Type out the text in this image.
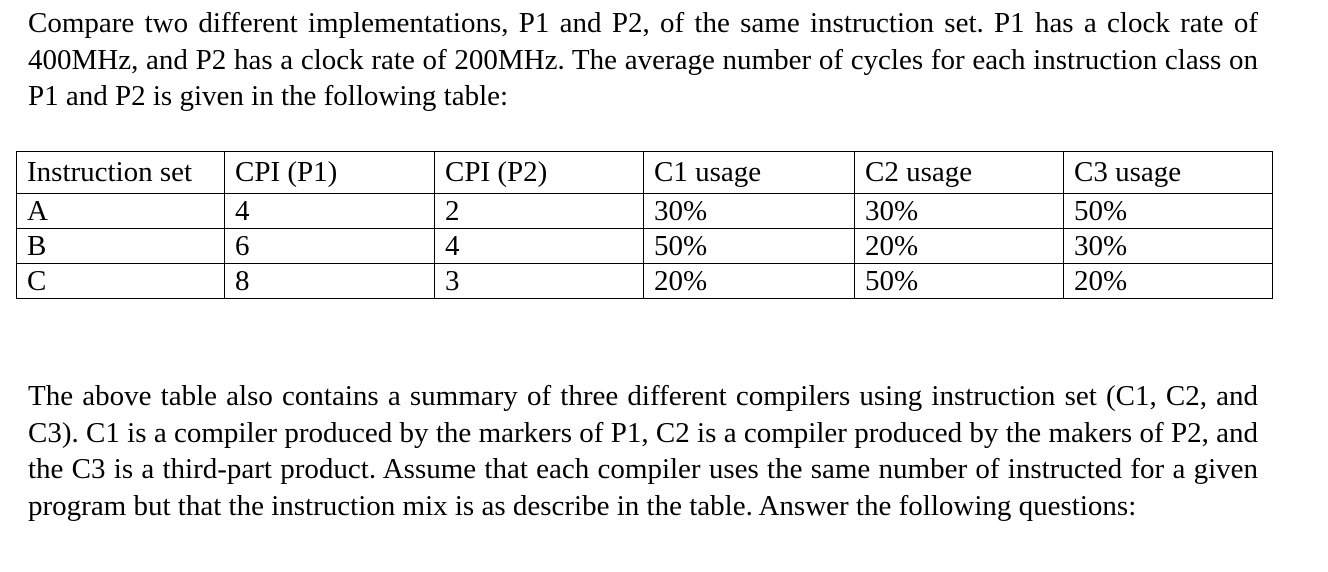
Compare two different implementations, P1 and P2, of the same instruction set. P1 has a clock rate of 400MHz, and P2 has a clock rate of 200MHz. The average number of cycles for each instruction class on P1 and P2 is given in the following table:

Instruction set	CPI (P1)	CPI (P2)	C1 usage	C2 usage	C3 usage
A	4	2	30%	30%	50%
B	6	4	50%	20%	30%
C	8	3	20%	50%	20%

The above table also contains a summary of three different compilers using instruction set (C1, C2, and C3). C1 is a compiler produced by the markers of P1, C2 is a compiler produced by the makers of P2, and the C3 is a third-part product. Assume that each compiler uses the same number of instructed for a given program but that the instruction mix is as describe in the table. Answer the following questions:
